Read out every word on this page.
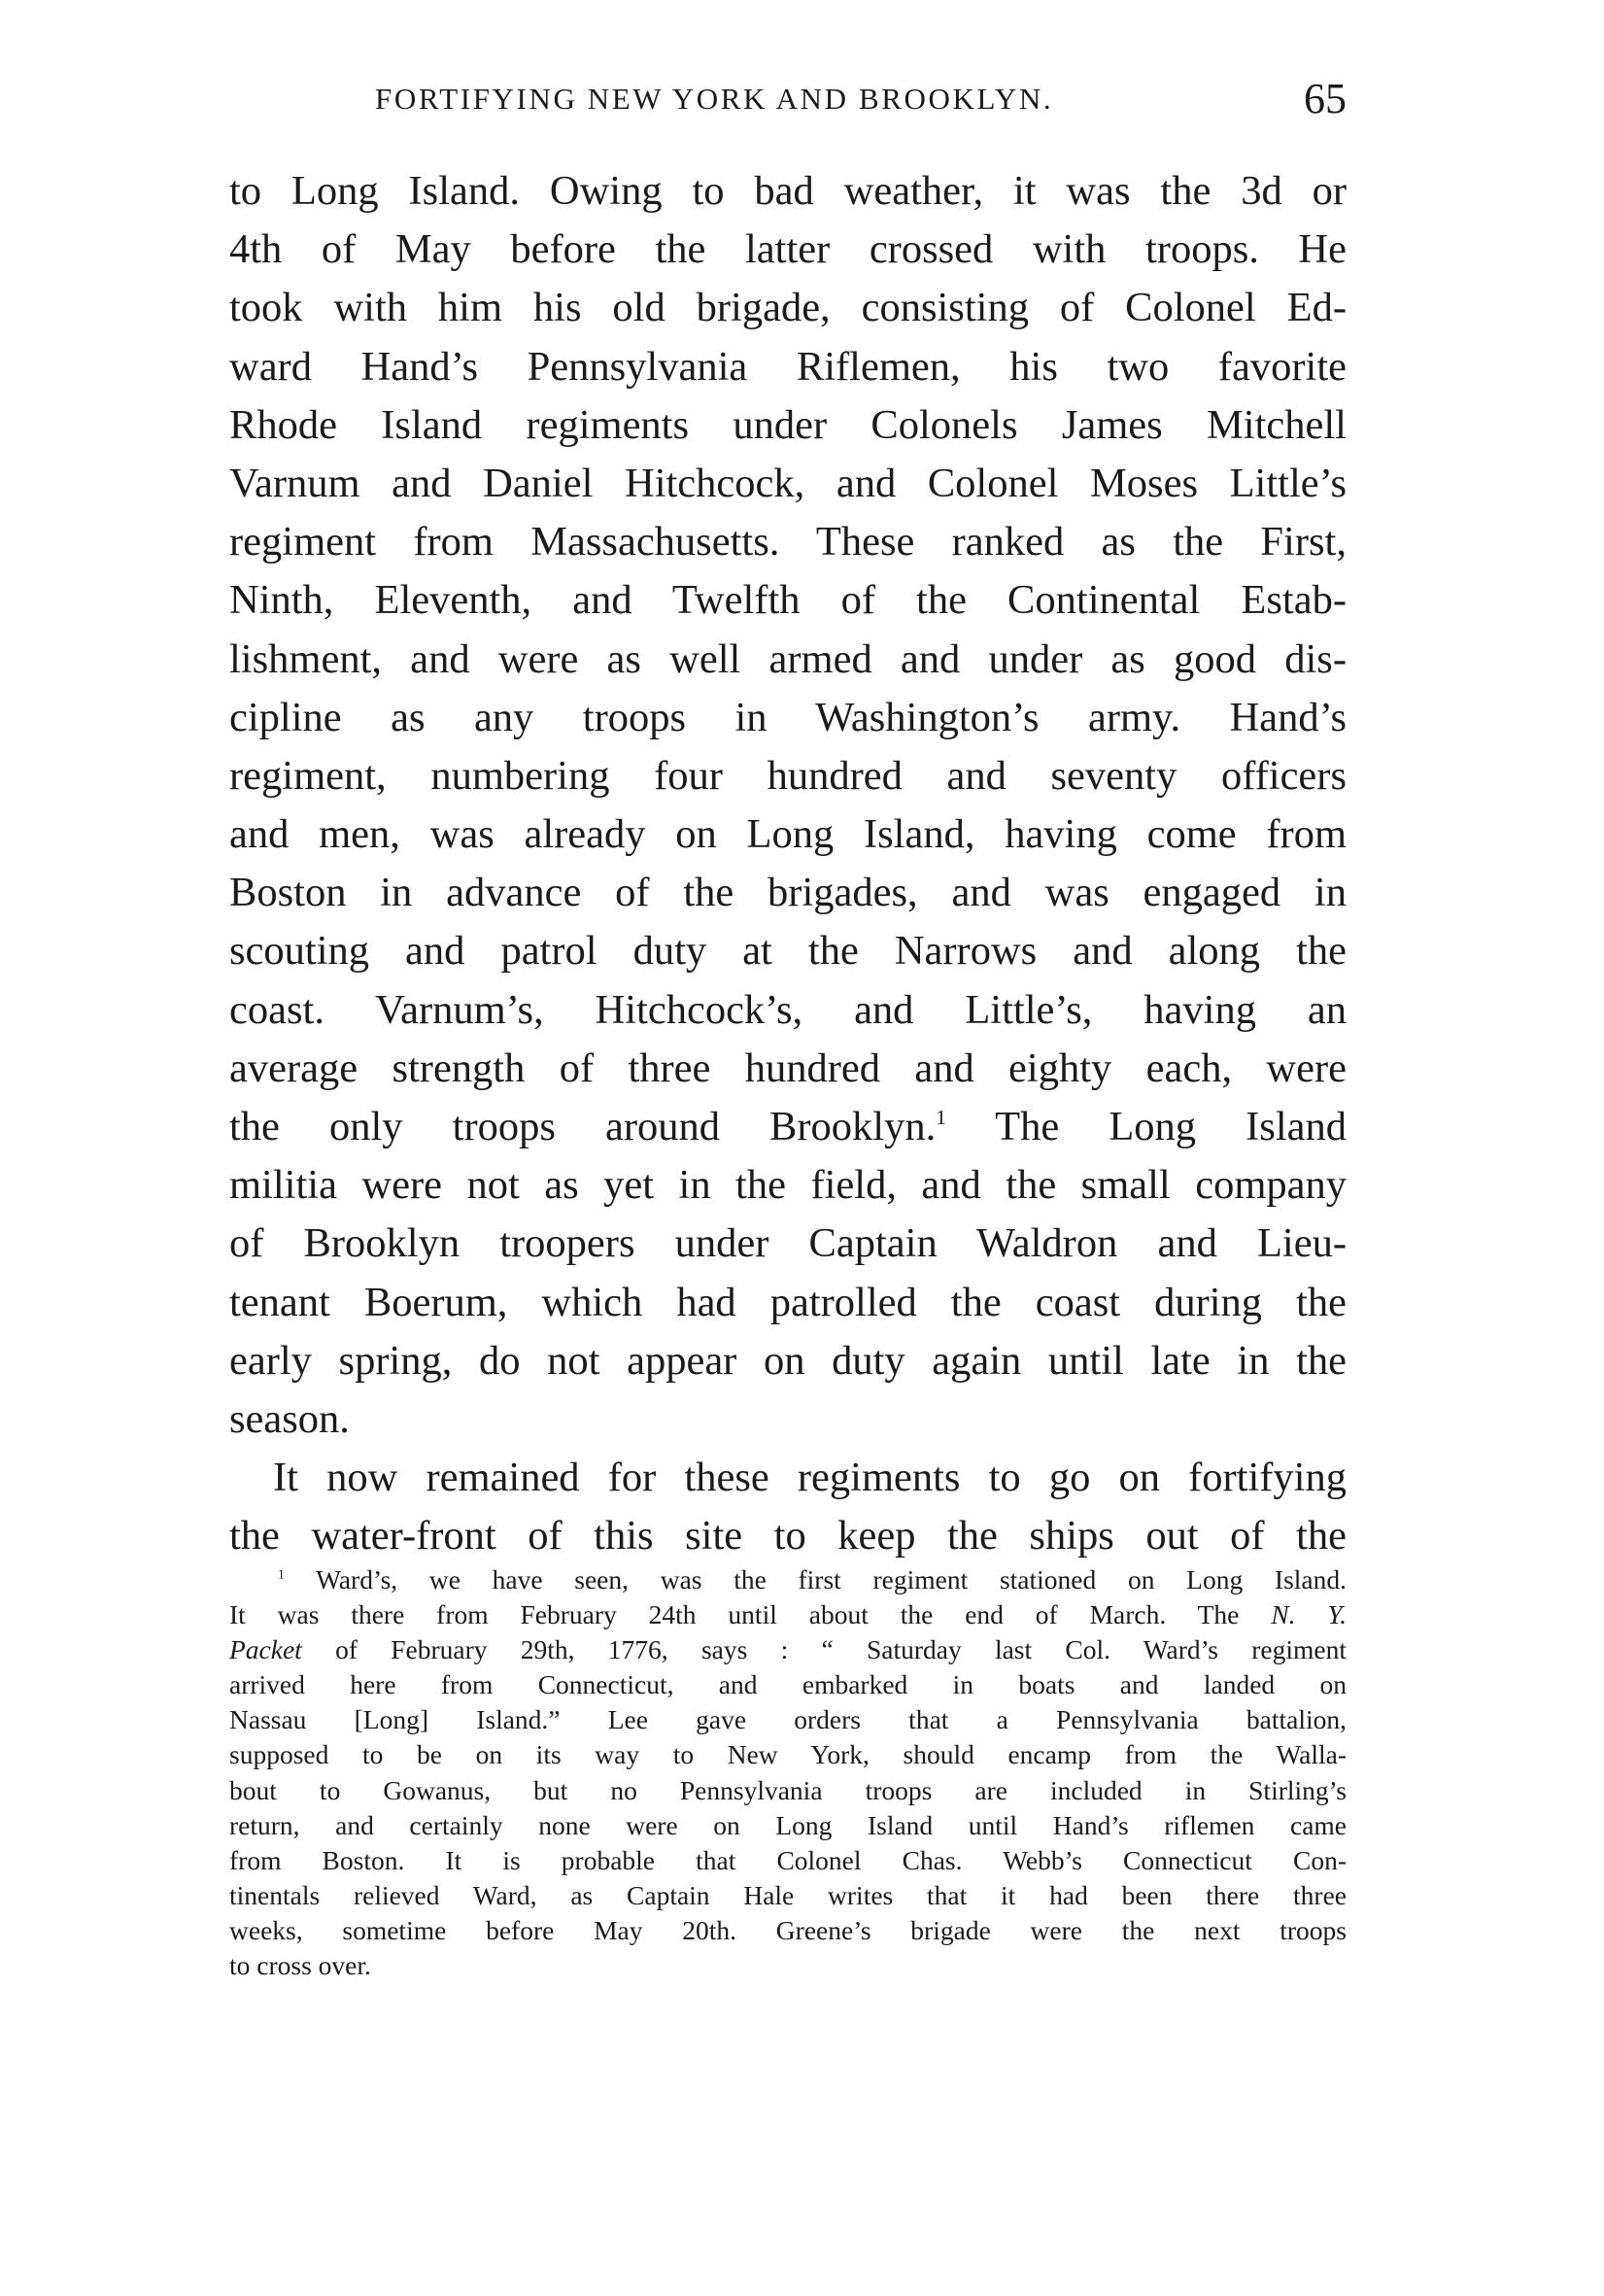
FORTIFYING NEW YORK AND BROOKLYN.	65
to Long Island. Owing to bad weather, it was the 3d or
4th of May before the latter crossed with troops. He
took with him his old brigade, consisting of Colonel Ed-
ward Hand’s Pennsylvania Riflemen, his two favorite
Rhode Island regiments under Colonels James Mitchell
Varnum and Daniel Hitchcock, and Colonel Moses Little’s
regiment from Massachusetts. These ranked as the First,
Ninth, Eleventh, and Twelfth of the Continental Estab-
lishment, and were as well armed and under as good dis-
cipline as any troops in Washington’s army. Hand’s
regiment, numbering four hundred and seventy officers
and men, was already on Long Island, having come from
Boston in advance of the brigades, and was engaged in
scouting and patrol duty at the Narrows and along the
coast. Varnum’s, Hitchcock’s, and Little’s, having an
average strength of three hundred and eighty each, were
the only troops around Brooklyn.$^1$ The Long Island
militia were not as yet in the field, and the small company
of Brooklyn troopers under Captain Waldron and Lieu-
tenant Boerum, which had patrolled the coast during the
early spring, do not appear on duty again until late in the
season.
It now remained for these regiments to go on fortifying
the water-front of this site to keep the ships out of the
$^1$ Ward’s, we have seen, was the first regiment stationed on Long Island.
It was there from February 24th until about the end of March. The N. Y.
Packet of February 29th, 1776, says : “ Saturday last Col. Ward’s regiment
arrived here from Connecticut, and embarked in boats and landed on
Nassau [Long] Island.” Lee gave orders that a Pennsylvania battalion,
supposed to be on its way to New York, should encamp from the Walla-
bout to Gowanus, but no Pennsylvania troops are included in Stirling’s
return, and certainly none were on Long Island until Hand’s riflemen came
from Boston. It is probable that Colonel Chas. Webb’s Connecticut Con-
tinentals relieved Ward, as Captain Hale writes that it had been there three
weeks, sometime before May 20th. Greene’s brigade were the next troops
to cross over.
